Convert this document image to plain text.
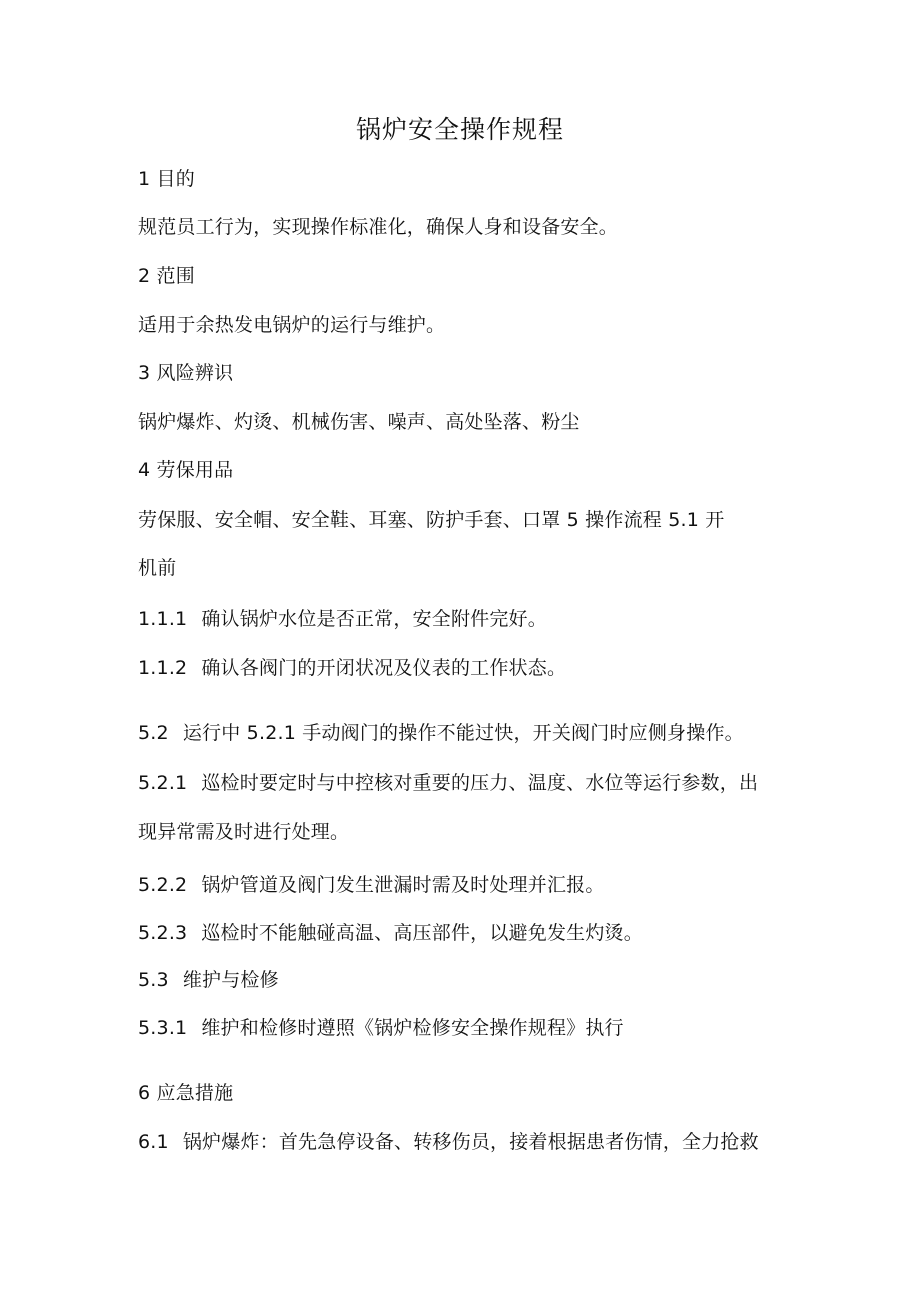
锅炉安全操作规程
1 目的
规范员工行为，实现操作标准化，确保人身和设备安全。
2 范围
适用于余热发电锅炉的运行与维护。
3 风险辨识
锅炉爆炸、灼烫、机械伤害、噪声、高处坠落、粉尘
4 劳保用品
劳保服、安全帽、安全鞋、耳塞、防护手套、口罩 5 操作流程 5.1 开
机前
1.1.1 确认锅炉水位是否正常，安全附件完好。
1.1.2 确认各阀门的开闭状况及仪表的工作状态。
5.2 运行中 5.2.1 手动阀门的操作不能过快，开关阀门时应侧身操作。
5.2.1 巡检时要定时与中控核对重要的压力、温度、水位等运行参数，出
现异常需及时进行处理。
5.2.2 锅炉管道及阀门发生泄漏时需及时处理并汇报。
5.2.3 巡检时不能触碰高温、高压部件，以避免发生灼烫。
5.3 维护与检修
5.3.1 维护和检修时遵照《锅炉检修安全操作规程》执行
6 应急措施
6.1 锅炉爆炸：首先急停设备、转移伤员，接着根据患者伤情，全力抢救
